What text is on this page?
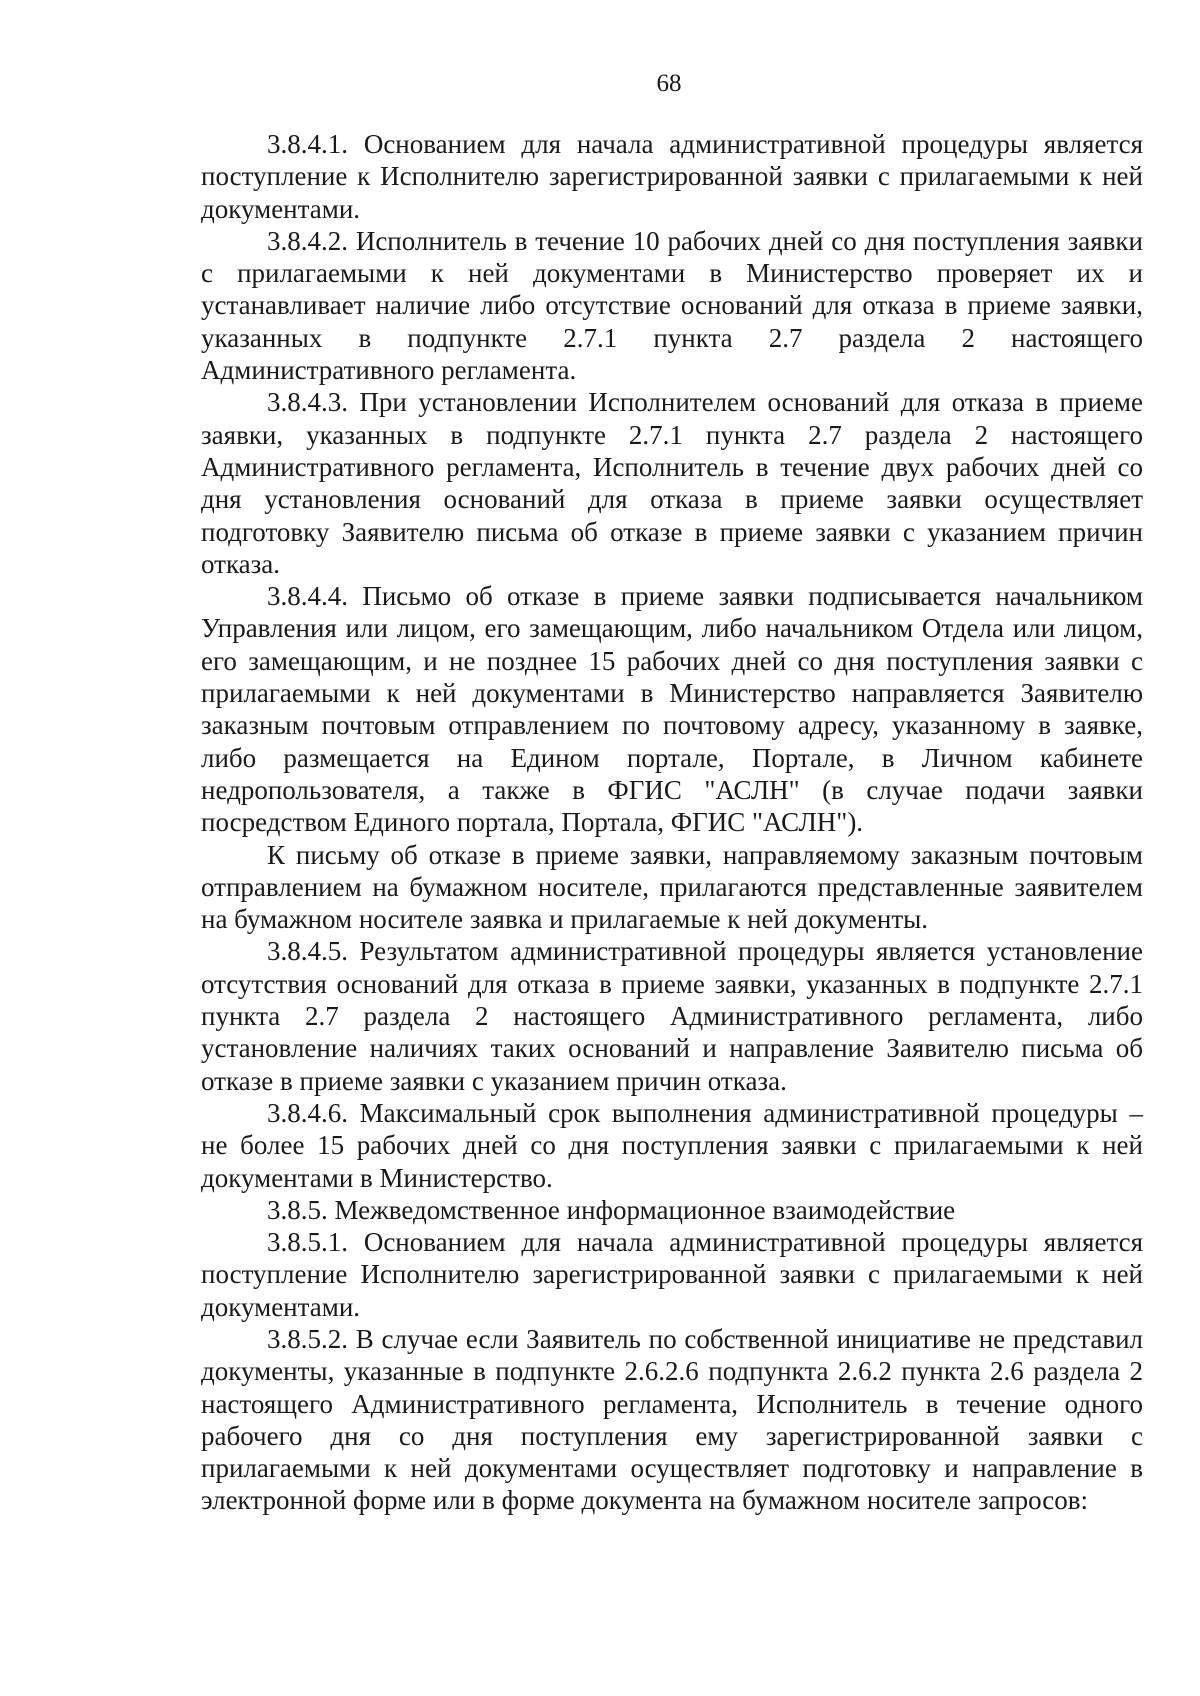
68

3.8.4.1. Основанием для начала административной процедуры является поступление к Исполнителю зарегистрированной заявки с прилагаемыми к ней документами.

3.8.4.2. Исполнитель в течение 10 рабочих дней со дня поступления заявки с прилагаемыми к ней документами в Министерство проверяет их и устанавливает наличие либо отсутствие оснований для отказа в приеме заявки, указанных в подпункте 2.7.1 пункта 2.7 раздела 2 настоящего Административного регламента.

3.8.4.3. При установлении Исполнителем оснований для отказа в приеме заявки, указанных в подпункте 2.7.1 пункта 2.7 раздела 2 настоящего Административного регламента, Исполнитель в течение двух рабочих дней со дня установления оснований для отказа в приеме заявки осуществляет подготовку Заявителю письма об отказе в приеме заявки с указанием причин отказа.

3.8.4.4. Письмо об отказе в приеме заявки подписывается начальником Управления или лицом, его замещающим, либо начальником Отдела или лицом, его замещающим, и не позднее 15 рабочих дней со дня поступления заявки с прилагаемыми к ней документами в Министерство направляется Заявителю заказным почтовым отправлением по почтовому адресу, указанному в заявке, либо размещается на Едином портале, Портале, в Личном кабинете недропользователя, а также в ФГИС "АСЛН" (в случае подачи заявки посредством Единого портала, Портала, ФГИС "АСЛН").

К письму об отказе в приеме заявки, направляемому заказным почтовым отправлением на бумажном носителе, прилагаются представленные заявителем на бумажном носителе заявка и прилагаемые к ней документы.

3.8.4.5. Результатом административной процедуры является установление отсутствия оснований для отказа в приеме заявки, указанных в подпункте 2.7.1 пункта 2.7 раздела 2 настоящего Административного регламента, либо установление наличиях таких оснований и направление Заявителю письма об отказе в приеме заявки с указанием причин отказа.

3.8.4.6. Максимальный срок выполнения административной процедуры – не более 15 рабочих дней со дня поступления заявки с прилагаемыми к ней документами в Министерство.

3.8.5. Межведомственное информационное взаимодействие

3.8.5.1. Основанием для начала административной процедуры является поступление Исполнителю зарегистрированной заявки с прилагаемыми к ней документами.

3.8.5.2. В случае если Заявитель по собственной инициативе не представил документы, указанные в подпункте 2.6.2.6 подпункта 2.6.2 пункта 2.6 раздела 2 настоящего Административного регламента, Исполнитель в течение одного рабочего дня со дня поступления ему зарегистрированной заявки с прилагаемыми к ней документами осуществляет подготовку и направление в электронной форме или в форме документа на бумажном носителе запросов:
